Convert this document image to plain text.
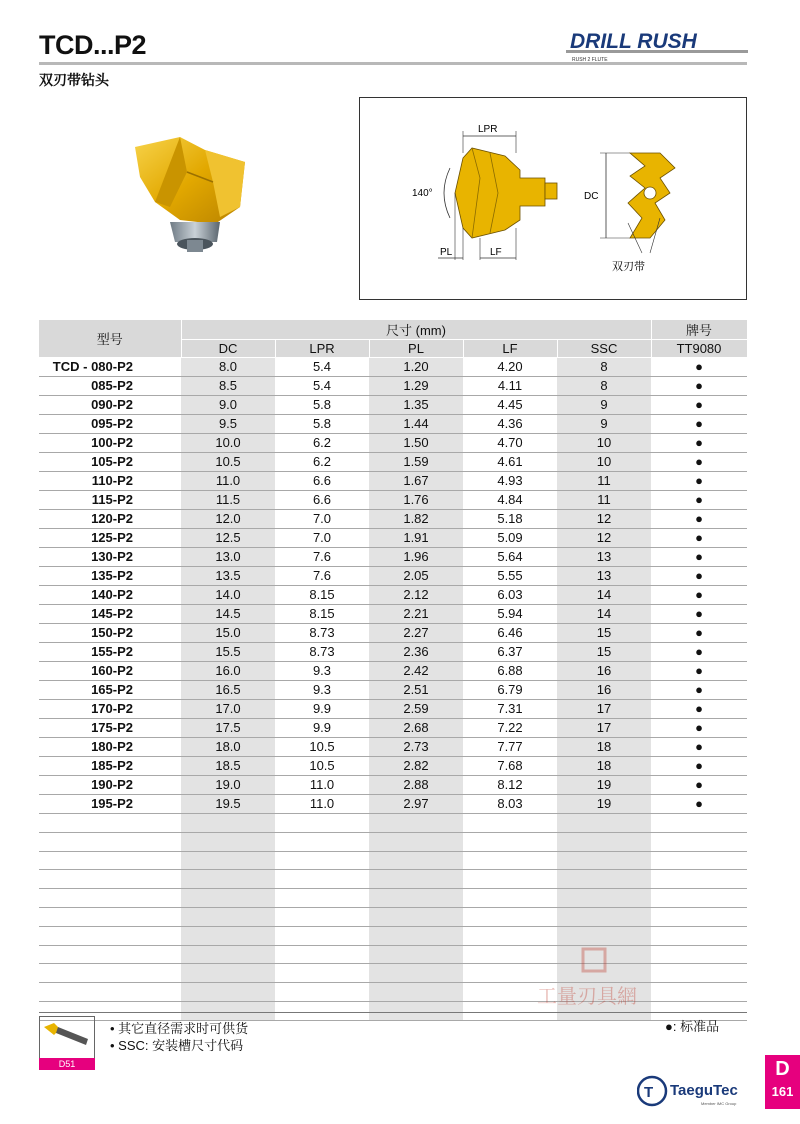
TCD...P2
双刃带钻头
DRILL RUSH
RUSH 2 FLUTE
LPR
140°
PL	LF
DC
双刃带
型号	尺寸 (mm)					牌号
	DC	LPR	PL	LF	SSC	TT9080
TCD - 080-P2	8.0	5.4	1.20	4.20	8	●
085-P2	8.5	5.4	1.29	4.11	8	●
090-P2	9.0	5.8	1.35	4.45	9	●
095-P2	9.5	5.8	1.44	4.36	9	●
100-P2	10.0	6.2	1.50	4.70	10	●
105-P2	10.5	6.2	1.59	4.61	10	●
110-P2	11.0	6.6	1.67	4.93	11	●
115-P2	11.5	6.6	1.76	4.84	11	●
120-P2	12.0	7.0	1.82	5.18	12	●
125-P2	12.5	7.0	1.91	5.09	12	●
130-P2	13.0	7.6	1.96	5.64	13	●
135-P2	13.5	7.6	2.05	5.55	13	●
140-P2	14.0	8.15	2.12	6.03	14	●
145-P2	14.5	8.15	2.21	5.94	14	●
150-P2	15.0	8.73	2.27	6.46	15	●
155-P2	15.5	8.73	2.36	6.37	15	●
160-P2	16.0	9.3	2.42	6.88	16	●
165-P2	16.5	9.3	2.51	6.79	16	●
170-P2	17.0	9.9	2.59	7.31	17	●
175-P2	17.5	9.9	2.68	7.22	17	●
180-P2	18.0	10.5	2.73	7.77	18	●
185-P2	18.5	10.5	2.82	7.68	18	●
190-P2	19.0	11.0	2.88	8.12	19	●
195-P2	19.5	11.0	2.97	8.03	19	●

D51
• 其它直径需求时可供货
• SSC: 安装槽尺寸代码
●: 标准品
工量刃具網
T TaeguTec
Member IMC Group
D
161
